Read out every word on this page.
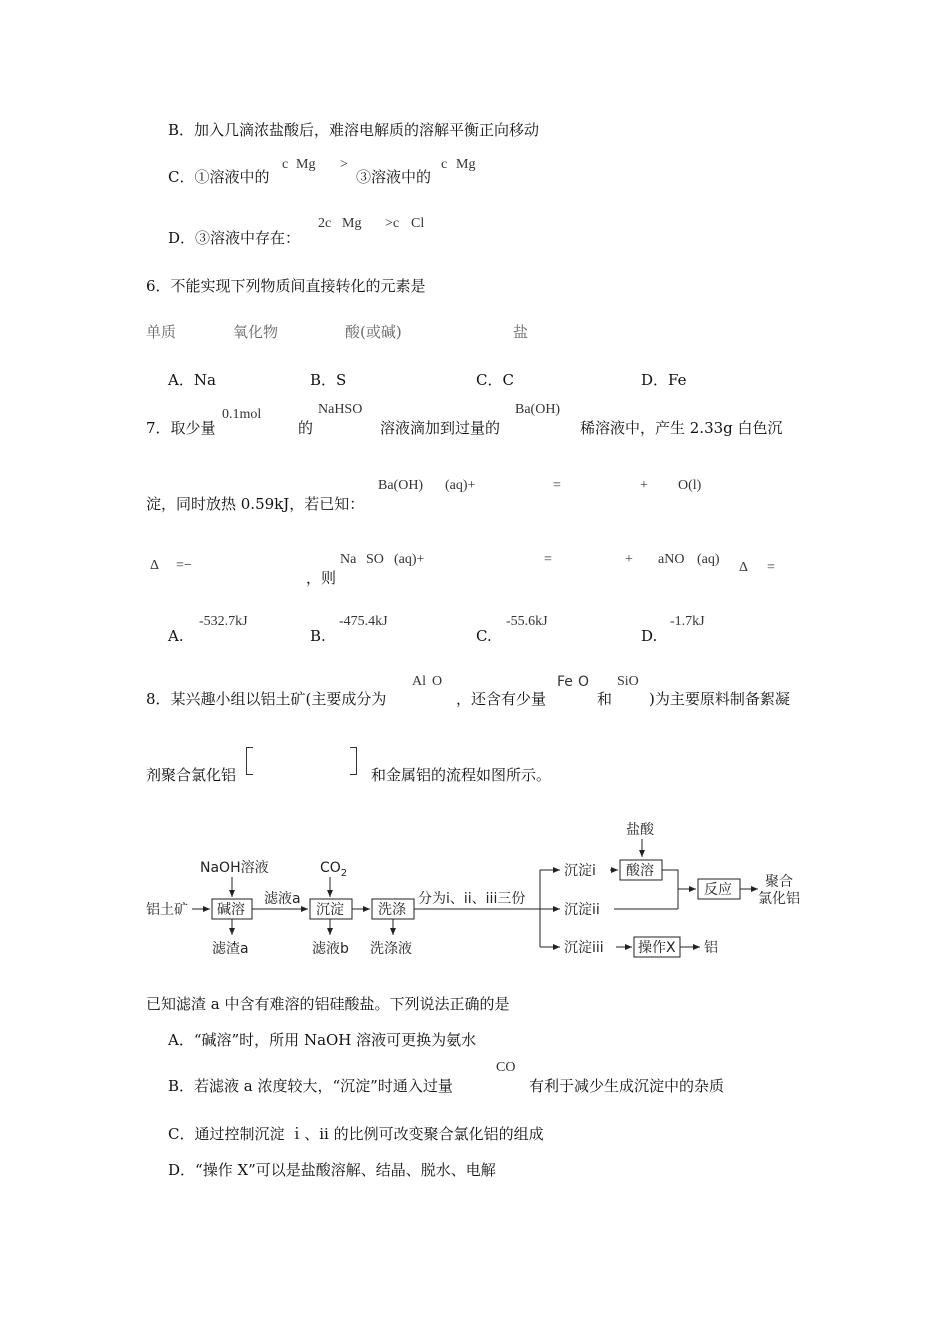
B．加入几滴浓盐酸后，难溶电解质的溶解平衡正向移动
C．①溶液中的
c Mg >
③溶液中的
c Mg
D．③溶液中存在：
2c Mg >c Cl
6．不能实现下列物质间直接转化的元素是
单质	氧化物	酸(或碱)	盐
A．Na	B．S	C．C	D．Fe
7．取少量
0.1mol
的
NaHSO
溶液滴加到过量的
Ba(OH)
稀溶液中，产生 2.33g 白色沉
淀，同时放热 0.59kJ，若已知：
Ba(OH) (aq)+	=	+ O(l)
Δ =−
，则
Na SO (aq)+	=	+ aNO (aq)
Δ =
A.
-532.7kJ
B.
-475.4kJ
C.
-55.6kJ
D.
-1.7kJ
8．某兴趣小组以铝土矿(主要成分为
Al O
，还含有少量
Fe O
和
SiO
)为主要原料制备絮凝
剂聚合氯化铝	和金属铝的流程如图所示。
铝土矿
NaOH溶液
碱溶
滤渣a
滤液a
$CO_2$
沉淀
滤液b
洗涤
洗涤液
分为i、ii、iii三份
沉淀i
沉淀ii
沉淀iii
盐酸
酸溶
反应 聚合
氯化铝
操作X 铝
已知滤渣 a 中含有难溶的铝硅酸盐。下列说法正确的是
A．“碱溶”时，所用 NaOH 溶液可更换为氨水
B．若滤液 a 浓度较大，“沉淀”时通入过量
CO
有利于减少生成沉淀中的杂质
C．通过控制沉淀 ｉ、ii 的比例可改变聚合氯化铝的组成
D．“操作 X”可以是盐酸溶解、结晶、脱水、电解
